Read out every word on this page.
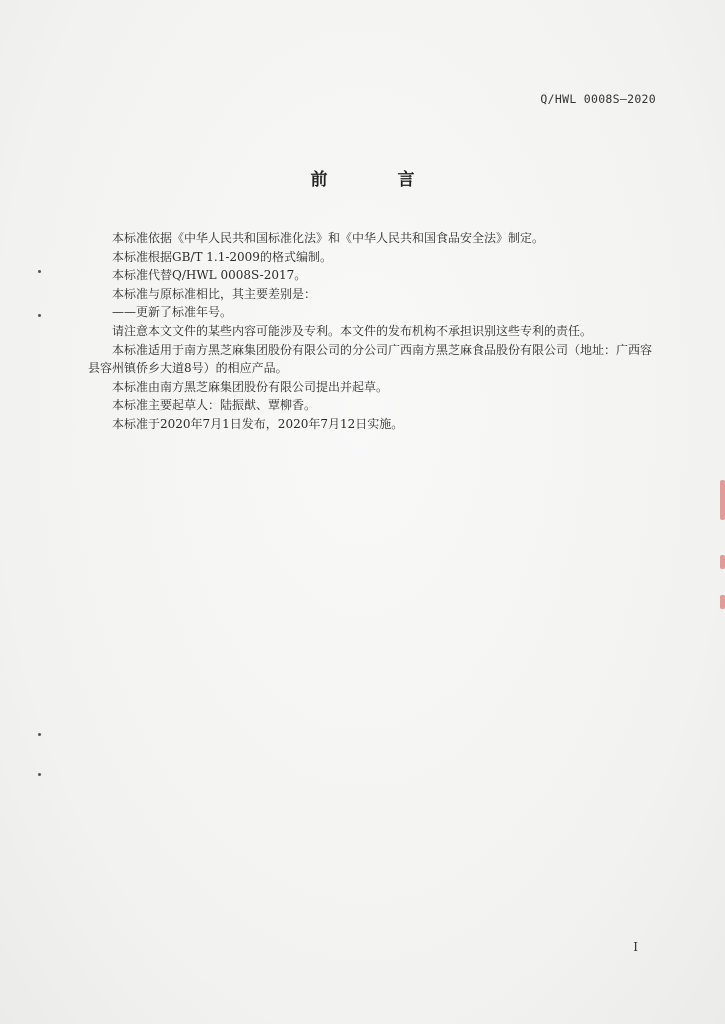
Q/HWL 0008S—2020
前 言

本标准依据《中华人民共和国标准化法》和《中华人民共和国食品安全法》制定。

本标准根据GB/T 1.1-2009的格式编制。

本标准代替Q/HWL 0008S-2017。

本标准与原标准相比，其主要差别是：

——更新了标准年号。

请注意本文文件的某些内容可能涉及专利。本文件的发布机构不承担识别这些专利的责任。

本标准适用于南方黑芝麻集团股份有限公司的分公司广西南方黑芝麻食品股份有限公司（地址：广西容县容州镇侨乡大道8号）的相应产品。

本标准由南方黑芝麻集团股份有限公司提出并起草。

本标准主要起草人：陆振猷、覃柳香。

本标准于2020年7月1日发布，2020年7月12日实施。

I
